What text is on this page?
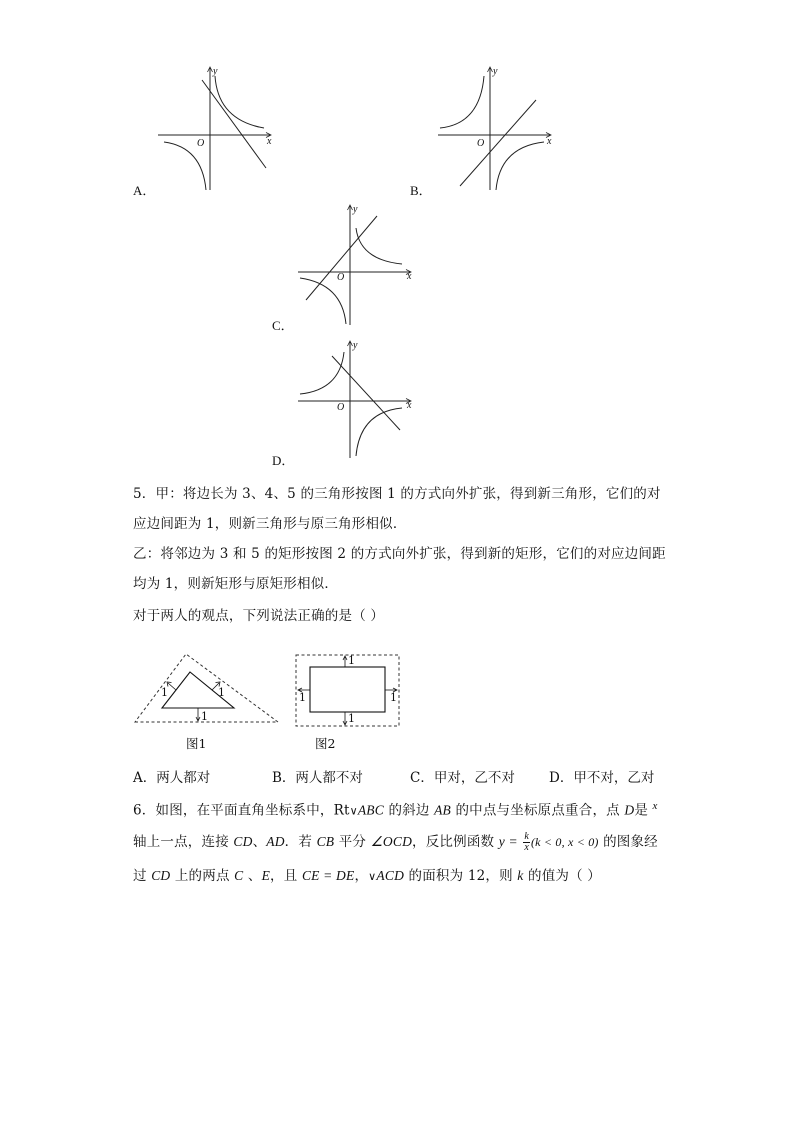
y
x
O
A．
y
x
O
B．
y
x
O
C．
y
x
O
D．
5．甲：将边长为 3、4、5 的三角形按图 1 的方式向外扩张，得到新三角形，它们的对
应边间距为 1，则新三角形与原三角形相似．
乙：将邻边为 3 和 5 的矩形按图 2 的方式向外扩张，得到新的矩形，它们的对应边间距
均为 1，则新矩形与原矩形相似．
对于两人的观点，下列说法正确的是（ ）
1	1
1
图1
1
1
1	1
图2
A．两人都对	B．两人都不对	C．甲对，乙不对	D．甲不对，乙对
6．如图，在平面直角坐标系中，Rt∨ABC 的斜边 AB 的中点与坐标原点重合，点 D是 $^x$
轴上一点，连接 CD、AD．若 CB 平分 ∠OCD，反比例函数 $y = \frac{k}{x} (k < 0$, x < 0) 的图象经
过 CD 上的两点 C 、E，且 CE = DE，∨ACD 的面积为 12，则 k 的值为（ ）
